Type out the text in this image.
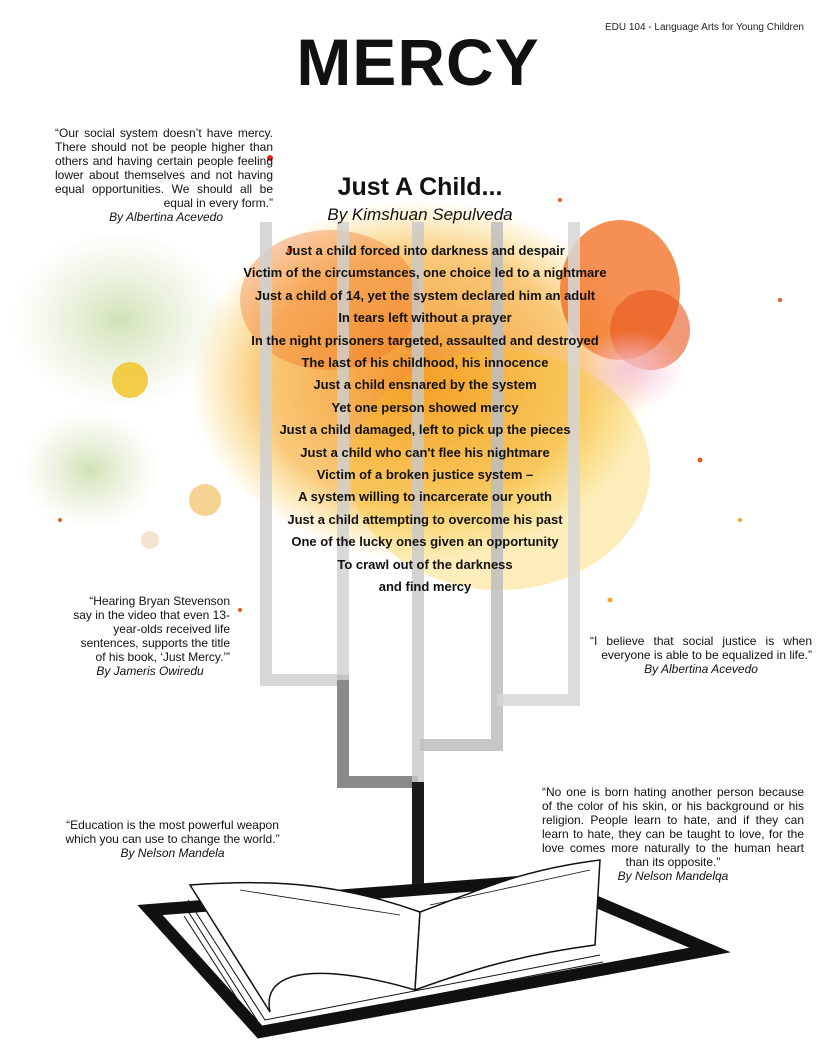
EDU 104 - Language Arts for Young Children
MERCY
“Our social system doesn’t have mercy. There should not be people higher than others and having certain people feeling lower about themselves and not having equal opportunities. We should all be equal in every form.”
By Albertina Acevedo
Just A Child...
By Kimshuan Sepulveda
Just a child forced into darkness and despair
Victim of the circumstances, one choice led to a nightmare
Just a child of 14, yet the system declared him an adult
In tears left without a prayer
In the night prisoners targeted, assaulted and destroyed
The last of his childhood, his innocence
Just a child ensnared by the system
Yet one person showed mercy
Just a child damaged, left to pick up the pieces
Just a child who can't flee his nightmare
Victim of a broken justice system –
A system willing to incarcerate our youth
Just a child attempting to overcome his past
One of the lucky ones given an opportunity
To crawl out of the darkness
and find mercy
“Hearing Bryan Stevenson say in the video that even 13-year-olds received life sentences, supports the title of his book, ‘Just Mercy.’”
By Jameris Owiredu
“I believe that social justice is when everyone is able to be equalized in life.”
By Albertina Acevedo
“No one is born hating another person because of the color of his skin, or his background or his religion. People learn to hate, and if they can learn to hate, they can be taught to love, for the love comes more naturally to the human heart than its opposite.”
By Nelson Mandelqa
“Education is the most powerful weapon which you can use to change the world.”
By Nelson Mandela
